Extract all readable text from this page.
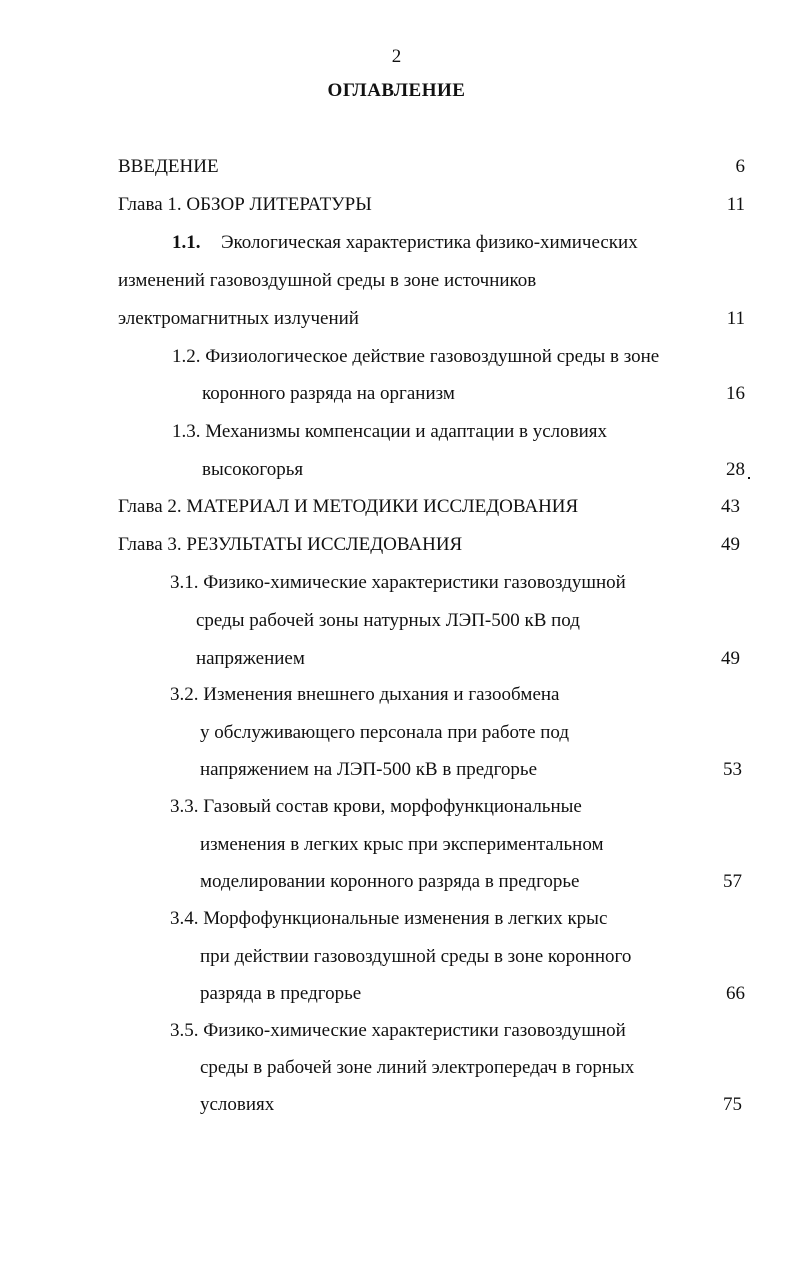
2
ОГЛАВЛЕНИЕ
ВВЕДЕНИЕ	6
Глава 1. ОБЗОР ЛИТЕРАТУРЫ	11
1.1. Экологическая характеристика физико-химических
изменений газовоздушной среды в зоне источников
электромагнитных излучений	11
1.2. Физиологическое действие газовоздушной среды в зоне
коронного разряда на организм	16
1.3. Механизмы компенсации и адаптации в условиях
высокогорья	28
Глава 2. МАТЕРИАЛ И МЕТОДИКИ ИССЛЕДОВАНИЯ	43
Глава 3. РЕЗУЛЬТАТЫ ИССЛЕДОВАНИЯ	49
3.1. Физико-химические характеристики газовоздушной
среды рабочей зоны натурных ЛЭП-500 кВ под
напряжением	49
3.2. Изменения внешнего дыхания и газообмена
у обслуживающего персонала при работе под
напряжением на ЛЭП-500 кВ в предгорье	53
3.3. Газовый состав крови, морфофункциональные
изменения в легких крыс при экспериментальном
моделировании коронного разряда в предгорье	57
3.4. Морфофункциональные изменения в легких крыс
при действии газовоздушной среды в зоне коронного
разряда в предгорье	66
3.5. Физико-химические характеристики газовоздушной
среды в рабочей зоне линий электропередач в горных
условиях	75
